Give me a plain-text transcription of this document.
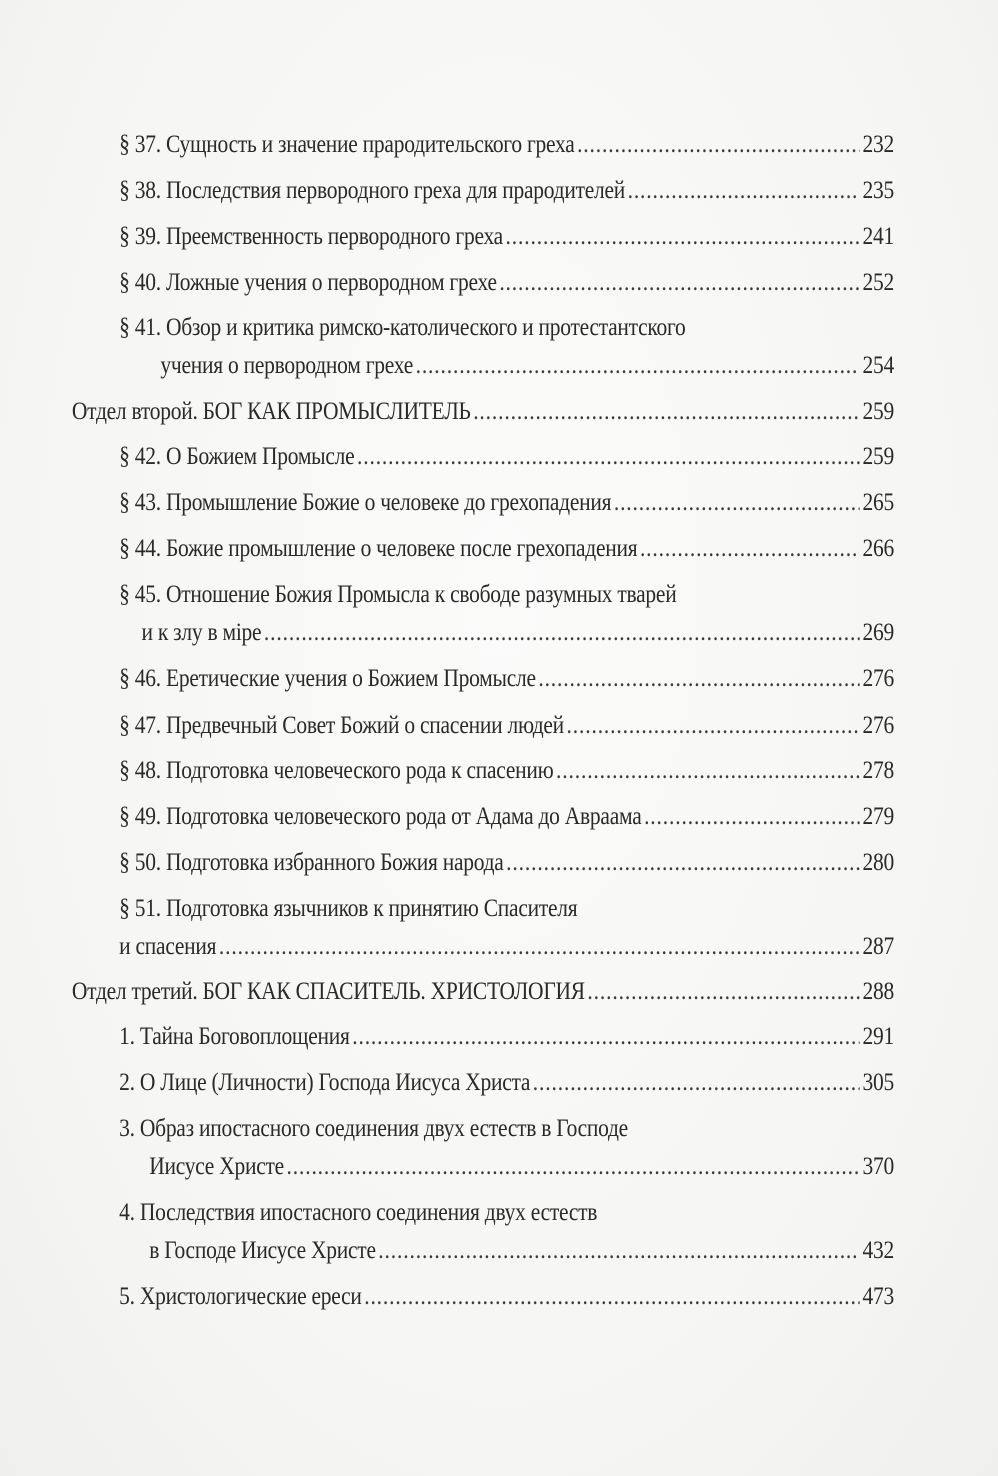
§ 37. Сущность и значение прародительского греха .....	232
§ 38. Последствия первородного греха для прародителей .....	235
§ 39. Преемственность первородного греха .....	241
§ 40. Ложные учения о первородном грехе .....	252
§ 41. Обзор и критика римско-католического и протестантского
учения о первородном грехе .....	254
Отдел второй. БОГ КАК ПРОМЫСЛИТЕЛЬ .....	259
§ 42. О Божием Промысле .....	259
§ 43. Промышление Божие о человеке до грехопадения .....	265
§ 44. Божие промышление о человеке после грехопадения .....	266
§ 45. Отношение Божия Промысла к свободе разумных тварей
и к злу в міре .....	269
§ 46. Еретические учения о Божием Промысле .....	276
§ 47. Предвечный Совет Божий о спасении людей .....	276
§ 48. Подготовка человеческого рода к спасению .....	278
§ 49. Подготовка человеческого рода от Адама до Авраама .....	279
§ 50. Подготовка избранного Божия народа .....	280
§ 51. Подготовка язычников к принятию Спасителя
и спасения .....	287
Отдел третий. БОГ КАК СПАСИТЕЛЬ. ХРИСТОЛОГИЯ .....	288
1. Тайна Боговоплощения .....	291
2. О Лице (Личности) Господа Иисуса Христа .....	305
3. Образ ипостасного соединения двух естеств в Господе
Иисусе Христе .....	370
4. Последствия ипостасного соединения двух естеств
в Господе Иисусе Христе .....	432
5. Христологические ереси .....	473
